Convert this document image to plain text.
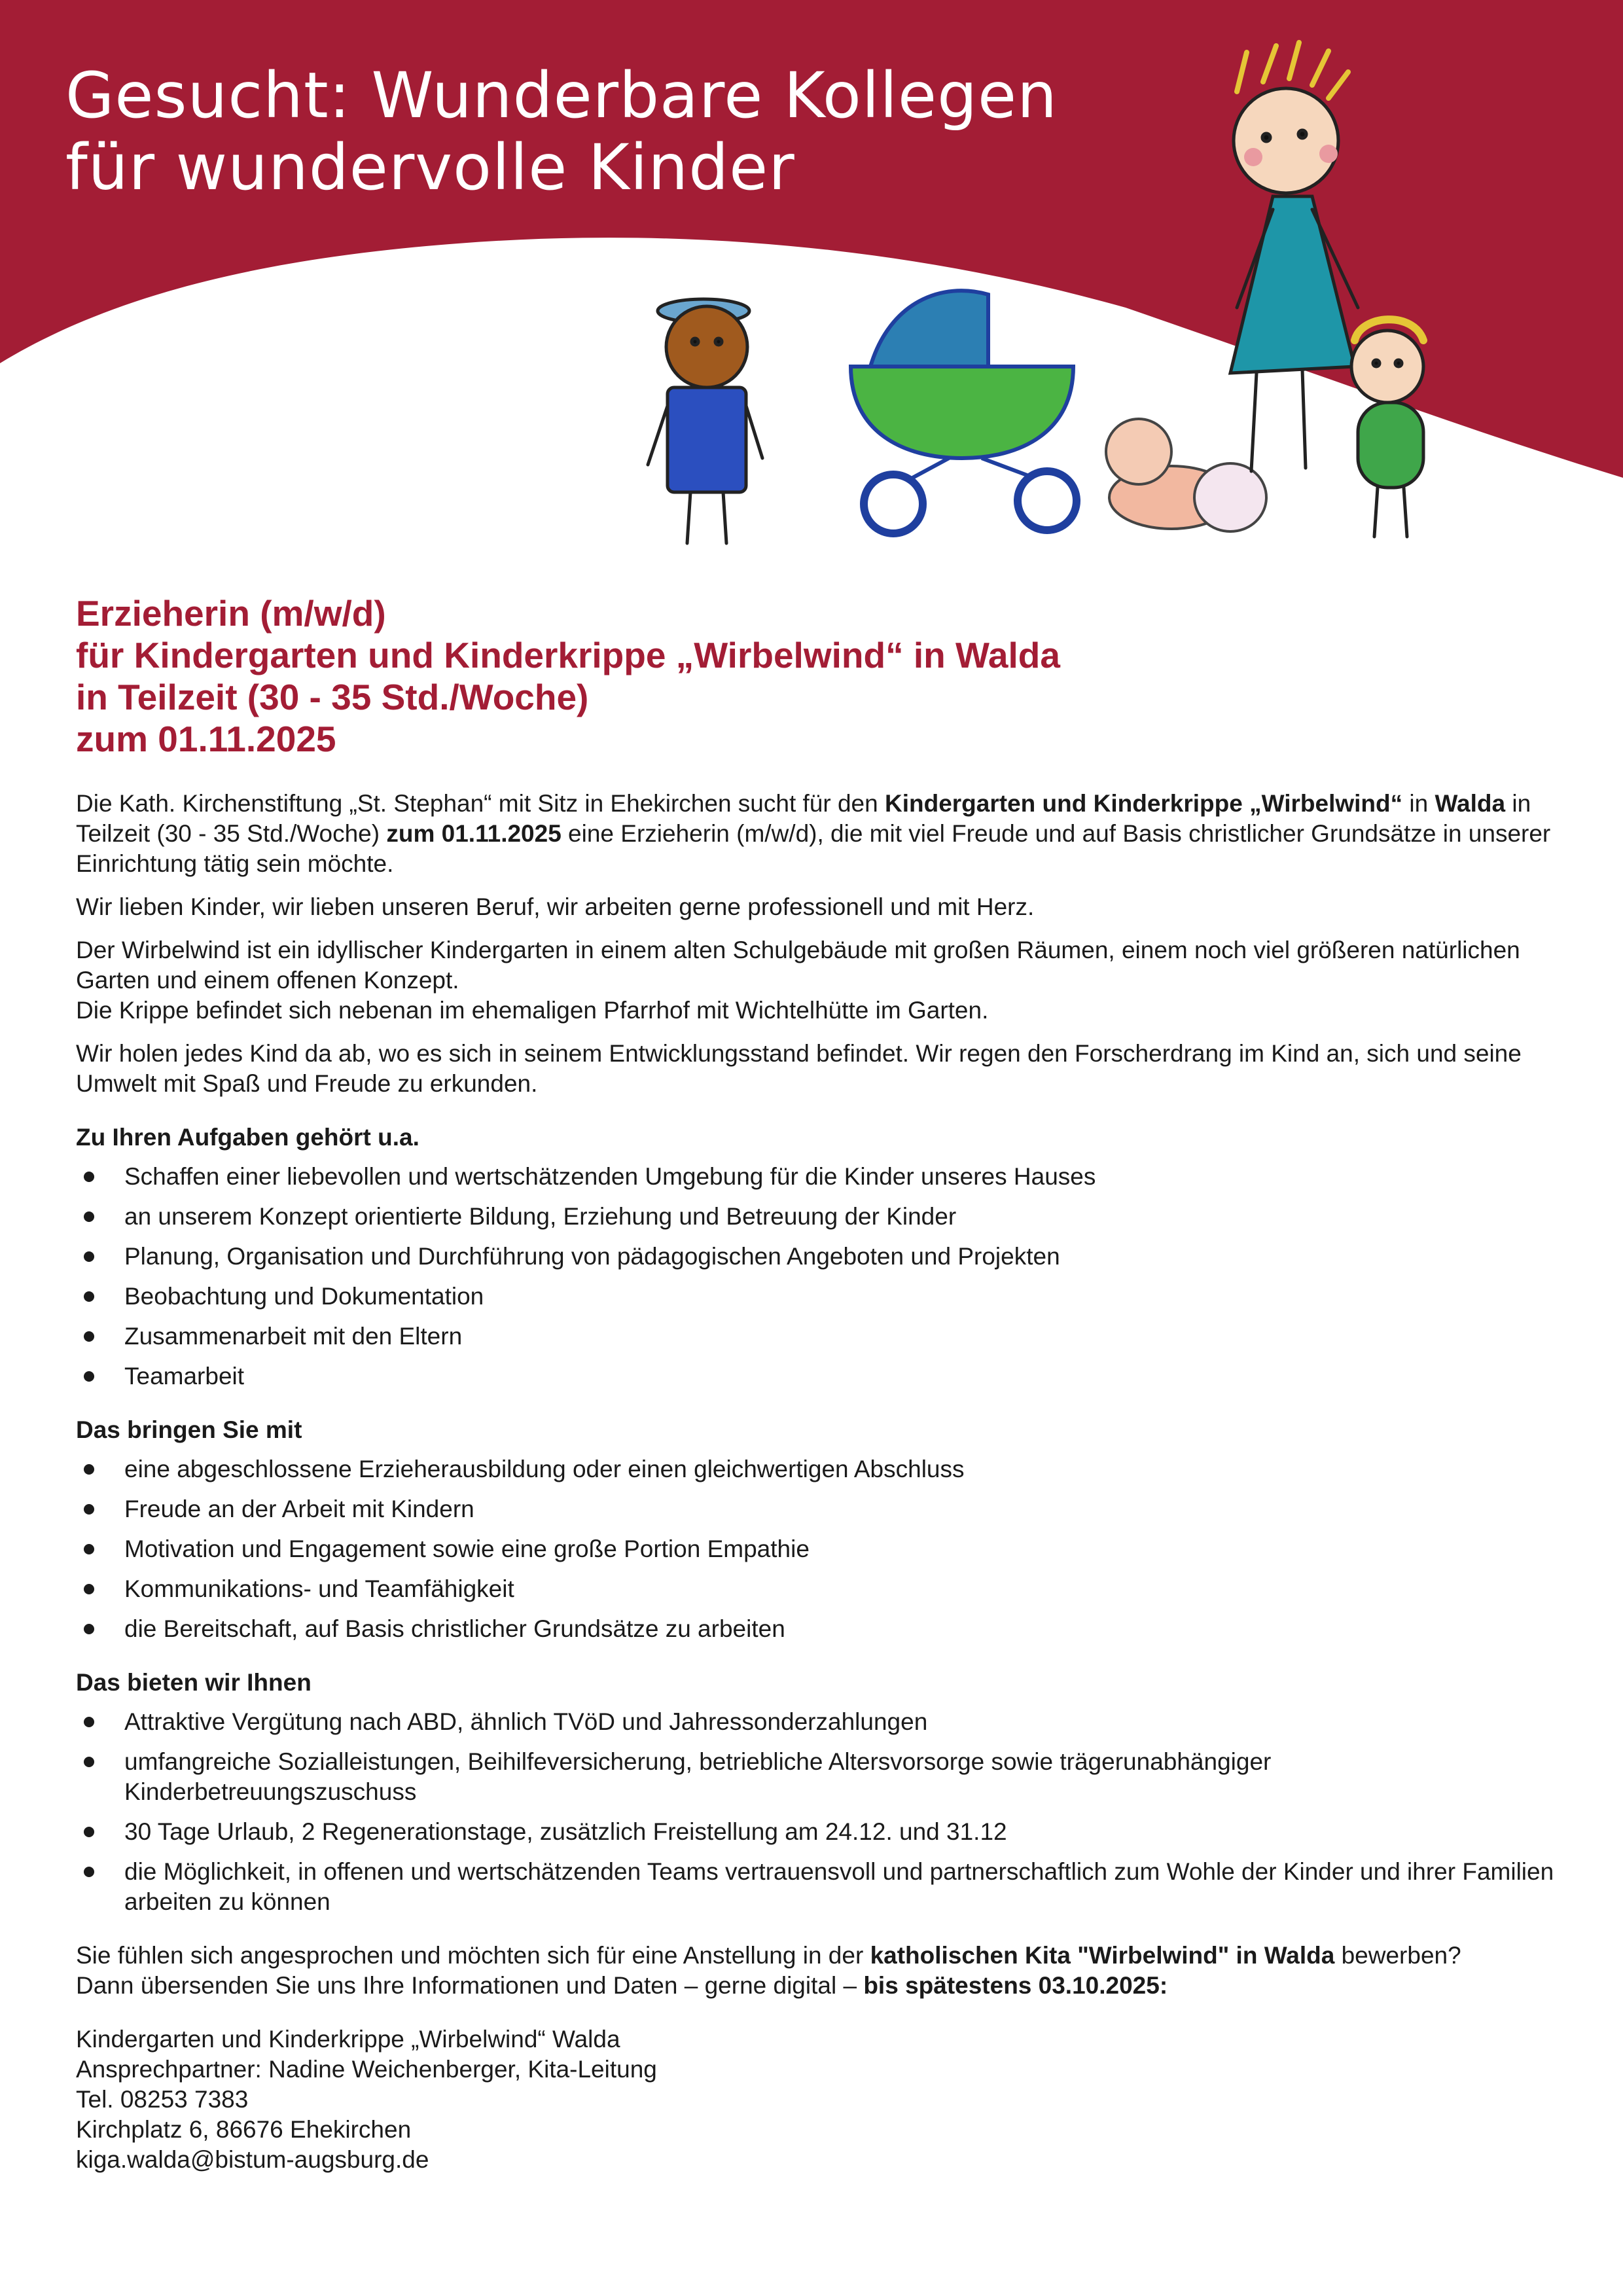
Gesucht: Wunderbare Kollegen
für wundervolle Kinder
Erzieherin (m/w/d)
für Kindergarten und Kinderkrippe „Wirbelwind“ in Walda
in Teilzeit (30 - 35 Std./Woche)
zum 01.11.2025

Die Kath. Kirchenstiftung „St. Stephan“ mit Sitz in Ehekirchen sucht für den Kindergarten und Kinderkrippe „Wirbelwind“ in Walda in Teilzeit (30 - 35 Std./Woche) zum 01.11.2025 eine Erzieherin (m/w/d), die mit viel Freude und auf Basis christlicher Grundsätze in unserer Einrichtung tätig sein möchte.

Wir lieben Kinder, wir lieben unseren Beruf, wir arbeiten gerne professionell und mit Herz.

Der Wirbelwind ist ein idyllischer Kindergarten in einem alten Schulgebäude mit großen Räumen, einem noch viel größeren natürlichen Garten und einem offenen Konzept.
Die Krippe befindet sich nebenan im ehemaligen Pfarrhof mit Wichtelhütte im Garten.

Wir holen jedes Kind da ab, wo es sich in seinem Entwicklungsstand befindet. Wir regen den Forscherdrang im Kind an, sich und seine Umwelt mit Spaß und Freude zu erkunden.

Zu Ihren Aufgaben gehört u.a.
Schaffen einer liebevollen und wertschätzenden Umgebung für die Kinder unseres Hauses
an unserem Konzept orientierte Bildung, Erziehung und Betreuung der Kinder
Planung, Organisation und Durchführung von pädagogischen Angeboten und Projekten
Beobachtung und Dokumentation
Zusammenarbeit mit den Eltern
Teamarbeit
Das bringen Sie mit
eine abgeschlossene Erzieherausbildung oder einen gleichwertigen Abschluss
Freude an der Arbeit mit Kindern
Motivation und Engagement sowie eine große Portion Empathie
Kommunikations- und Teamfähigkeit
die Bereitschaft, auf Basis christlicher Grundsätze zu arbeiten
Das bieten wir Ihnen
Attraktive Vergütung nach ABD, ähnlich TVöD und Jahressonderzahlungen
umfangreiche Sozialleistungen, Beihilfeversicherung, betriebliche Altersvorsorge sowie trägerunabhängiger Kinderbetreuungszuschuss
30 Tage Urlaub, 2 Regenerationstage, zusätzlich Freistellung am 24.12. und 31.12
die Möglichkeit, in offenen und wertschätzenden Teams vertrauensvoll und partnerschaftlich zum Wohle der Kinder und ihrer Familien arbeiten zu können

Sie fühlen sich angesprochen und möchten sich für eine Anstellung in der katholischen Kita "Wirbelwind" in Walda bewerben?
Dann übersenden Sie uns Ihre Informationen und Daten – gerne digital – bis spätestens 03.10.2025:

Kindergarten und Kinderkrippe „Wirbelwind“ Walda
Ansprechpartner: Nadine Weichenberger, Kita-Leitung
Tel. 08253 7383
Kirchplatz 6, 86676 Ehekirchen
kiga.walda@bistum-augsburg.de
